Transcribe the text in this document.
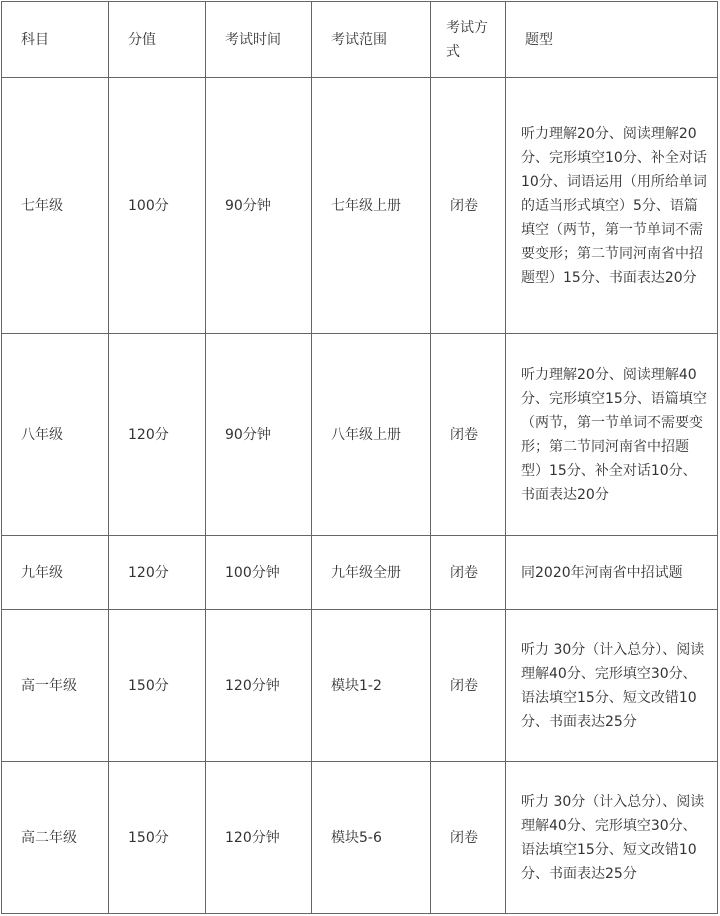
科目	分值	考试时间	考试范围	考试方式	题型
七年级	100分	90分钟	七年级上册	闭卷	听力理解20分、阅读理解20分、完形填空10分、补全对话10分、词语运用（用所给单词的适当形式填空）5分、语篇填空（两节，第一节单词不需要变形；第二节同河南省中招题型）15分、书面表达20分
八年级	120分	90分钟	八年级上册	闭卷	听力理解20分、阅读理解40分、完形填空15分、语篇填空（两节，第一节单词不需要变形；第二节同河南省中招题型）15分、补全对话10分、书面表达20分
九年级	120分	100分钟	九年级全册	闭卷	同2020年河南省中招试题
高一年级	150分	120分钟	模块1-2	闭卷	听力 30分（计入总分）、阅读理解40分、完形填空30分、语法填空15分、短文改错10分、书面表达25分
高二年级	150分	120分钟	模块5-6	闭卷	听力 30分（计入总分）、阅读理解40分、完形填空30分、语法填空15分、短文改错10分、书面表达25分
